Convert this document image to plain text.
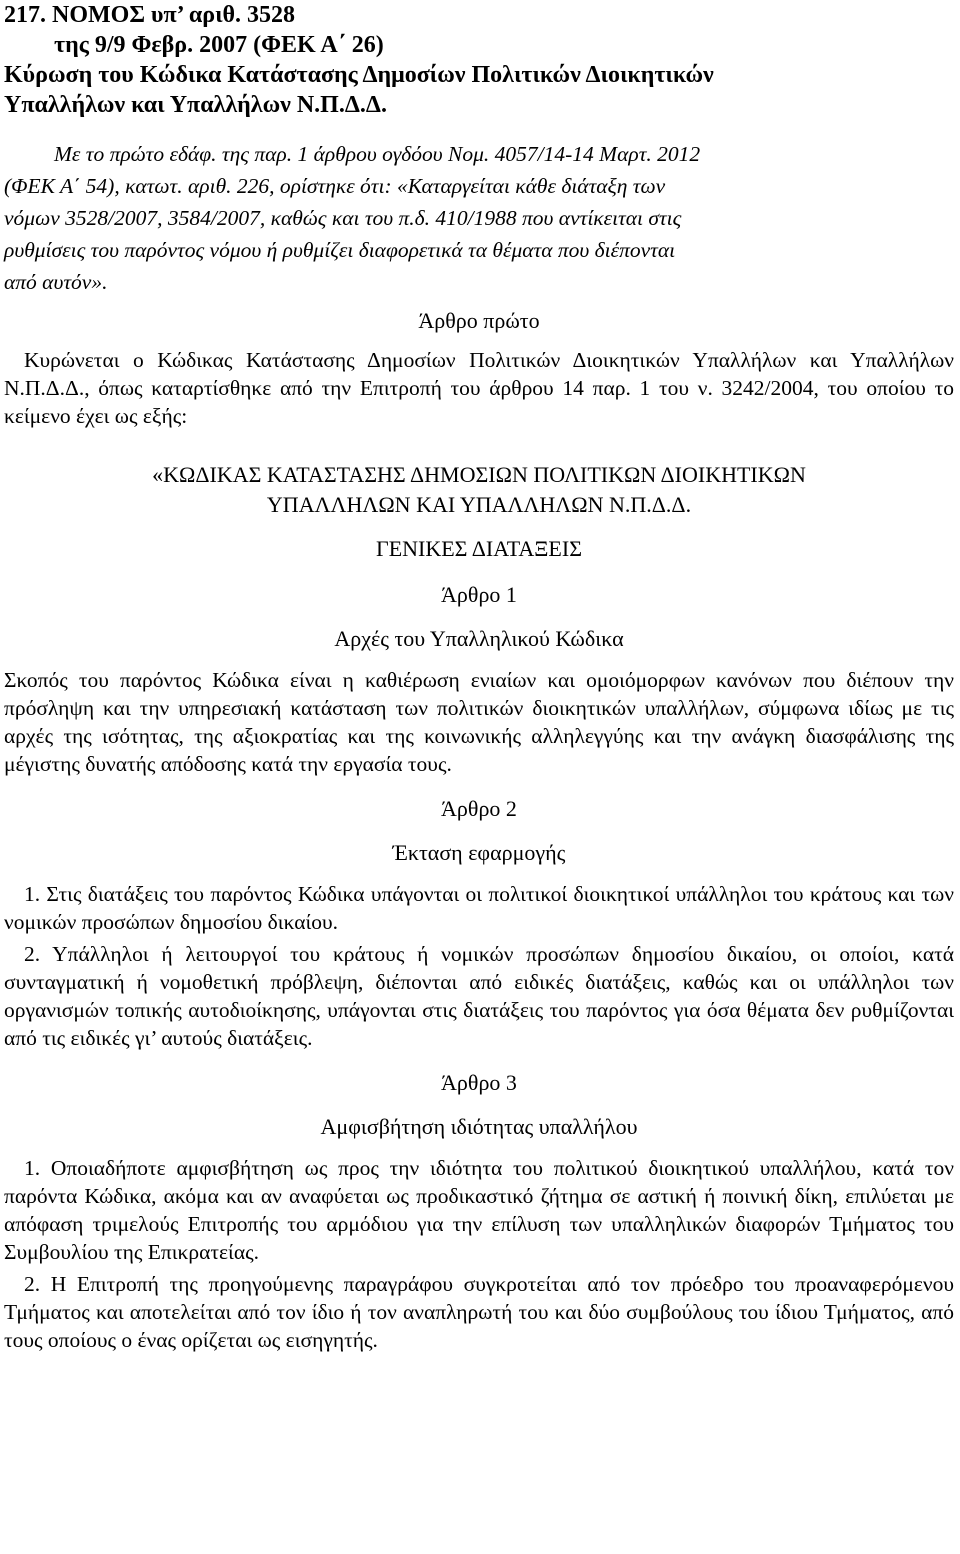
217. ΝΟΜΟΣ υπ’ αριθ. 3528

της 9/9 Φεβρ. 2007 (ΦΕΚ Α΄ 26)

Κύρωση του Κώδικα Κατάστασης Δημοσίων Πολιτικών Διοικητικών

Υπαλλήλων και Υπαλλήλων Ν.Π.Δ.Δ.

Με το πρώτο εδάφ. της παρ. 1 άρθρου ογδόου Νομ. 4057/14-14 Μαρτ. 2012

(ΦΕΚ Α΄ 54), κατωτ. αριθ. 226, ορίστηκε ότι: «Καταργείται κάθε διάταξη των

νόμων 3528/2007, 3584/2007, καθώς και του π.δ. 410/1988 που αντίκειται στις

ρυθμίσεις του παρόντος νόμου ή ρυθμίζει διαφορετικά τα θέματα που διέπονται

από αυτόν».

Άρθρο πρώτο

Κυρώνεται ο Κώδικας Κατάστασης Δημοσίων Πολιτικών Διοικητικών Υπαλλήλων και Υπαλλήλων Ν.Π.Δ.Δ., όπως καταρτίσθηκε από την Επιτροπή του άρθρου 14 παρ. 1 του ν. 3242/2004, του οποίου το κείμενο έχει ως εξής:

«ΚΩΔΙΚΑΣ ΚΑΤΑΣΤΑΣΗΣ ΔΗΜΟΣΙΩΝ ΠΟΛΙΤΙΚΩΝ ΔΙΟΙΚΗΤΙΚΩΝ

ΥΠΑΛΛΗΛΩΝ ΚΑΙ ΥΠΑΛΛΗΛΩΝ Ν.Π.Δ.Δ.

ΓΕΝΙΚΕΣ ΔΙΑΤΑΞΕΙΣ

Άρθρο 1

Αρχές του Υπαλληλικού Κώδικα

Σκοπός του παρόντος Κώδικα είναι η καθιέρωση ενιαίων και ομοιόμορφων κανόνων που διέπουν την πρόσληψη και την υπηρεσιακή κατάσταση των πολιτικών διοικητικών υπαλλήλων, σύμφωνα ιδίως με τις αρχές της ισότητας, της αξιοκρατίας και της κοινωνικής αλληλεγγύης και την ανάγκη διασφάλισης της μέγιστης δυνατής απόδοσης κατά την εργασία τους.

Άρθρο 2

Έκταση εφαρμογής

1. Στις διατάξεις του παρόντος Κώδικα υπάγονται οι πολιτικοί διοικητικοί υπάλληλοι του κράτους και των νομικών προσώπων δημοσίου δικαίου.

2. Υπάλληλοι ή λειτουργοί του κράτους ή νομικών προσώπων δημοσίου δικαίου, οι οποίοι, κατά συνταγματική ή νομοθετική πρόβλεψη, διέπονται από ειδικές διατάξεις, καθώς και οι υπάλληλοι των οργανισμών τοπικής αυτοδιοίκησης, υπάγονται στις διατάξεις του παρόντος για όσα θέματα δεν ρυθμίζονται από τις ειδικές γι’ αυτούς διατάξεις.

Άρθρο 3

Αμφισβήτηση ιδιότητας υπαλλήλου

1. Οποιαδήποτε αμφισβήτηση ως προς την ιδιότητα του πολιτικού διοικητικού υπαλλήλου, κατά τον παρόντα Κώδικα, ακόμα και αν αναφύεται ως προδικαστικό ζήτημα σε αστική ή ποινική δίκη, επιλύεται με απόφαση τριμελούς Επιτροπής του αρμόδιου για την επίλυση των υπαλληλικών διαφορών Τμήματος του Συμβουλίου της Επικρατείας.

2. Η Επιτροπή της προηγούμενης παραγράφου συγκροτείται από τον πρόεδρο του προαναφερόμενου Τμήματος και αποτελείται από τον ίδιο ή τον αναπληρωτή του και δύο συμβούλους του ίδιου Τμήματος, από τους οποίους ο ένας ορίζεται ως εισηγητής.
